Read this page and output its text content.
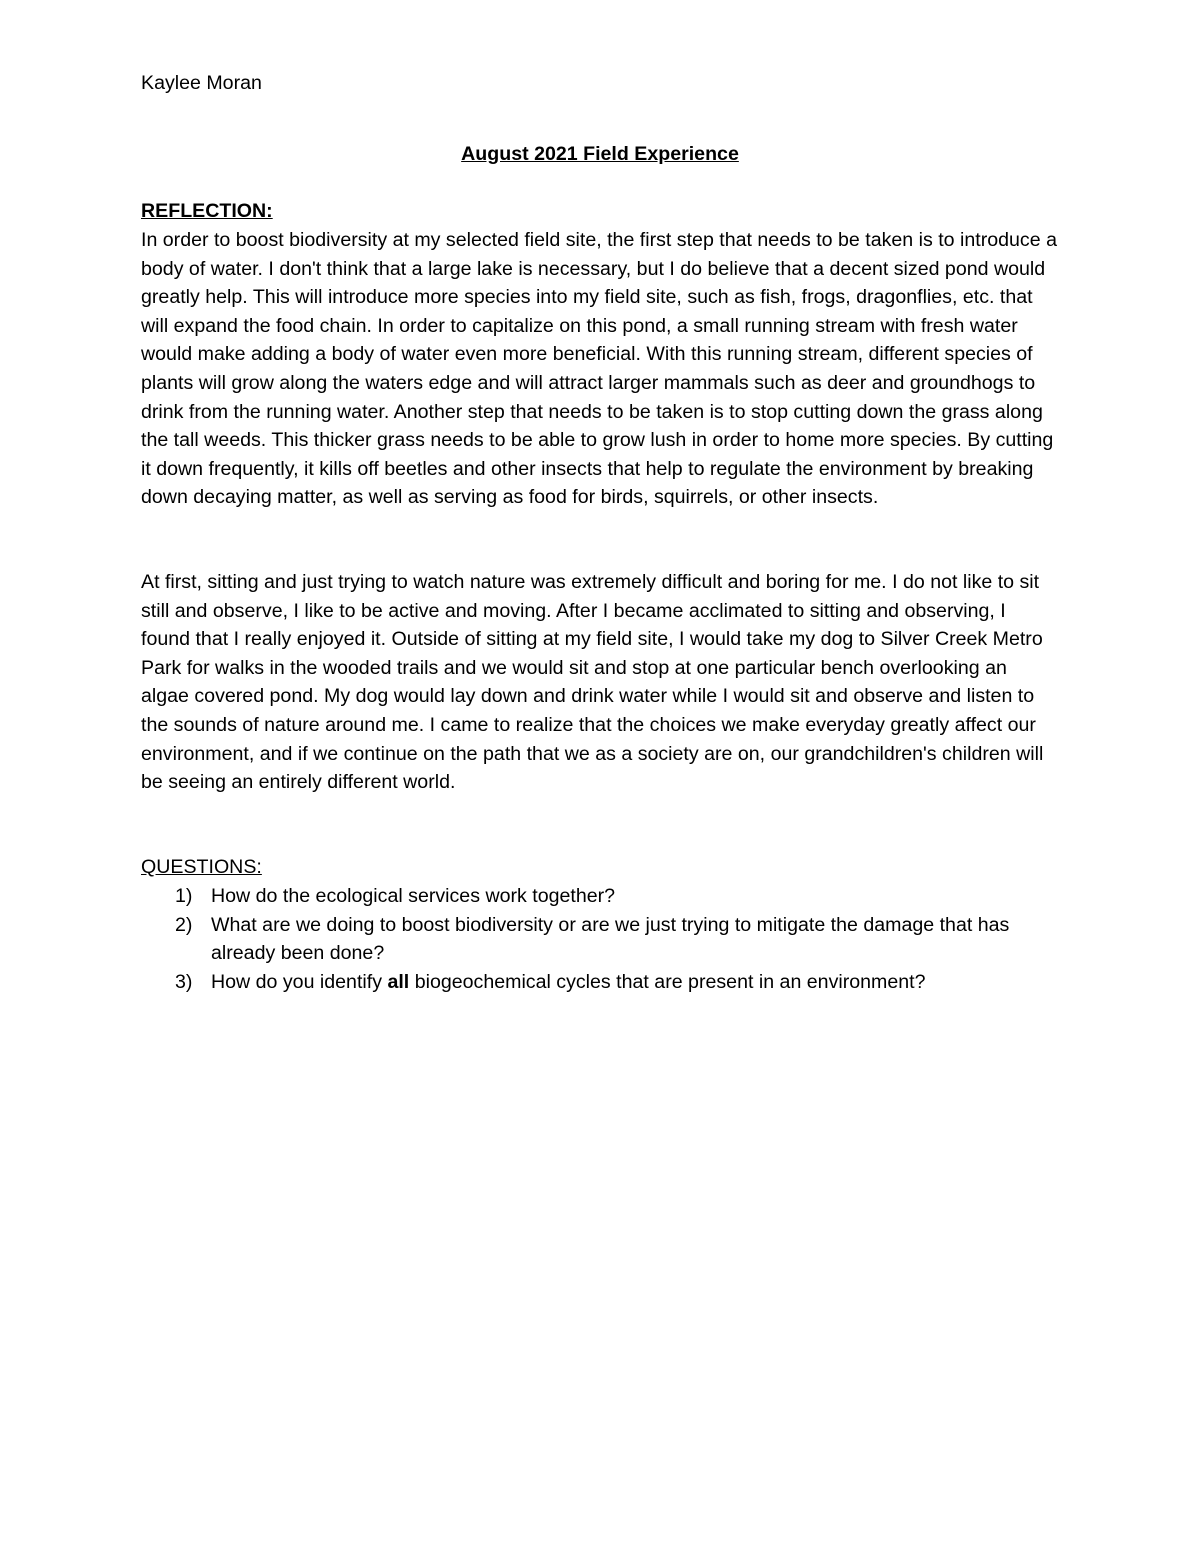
Kaylee Moran
August 2021 Field Experience
REFLECTION:

In order to boost biodiversity at my selected field site, the first step that needs to be taken is to introduce a body of water. I don't think that a large lake is necessary, but I do believe that a decent sized pond would greatly help. This will introduce more species into my field site, such as fish, frogs, dragonflies, etc. that will expand the food chain. In order to capitalize on this pond, a small running stream with fresh water would make adding a body of water even more beneficial. With this running stream, different species of plants will grow along the waters edge and will attract larger mammals such as deer and groundhogs to drink from the running water. Another step that needs to be taken is to stop cutting down the grass along the tall weeds. This thicker grass needs to be able to grow lush in order to home more species. By cutting it down frequently, it kills off beetles and other insects that help to regulate the environment by breaking down decaying matter, as well as serving as food for birds, squirrels, or other insects.

At first, sitting and just trying to watch nature was extremely difficult and boring for me. I do not like to sit still and observe, I like to be active and moving. After I became acclimated to sitting and observing, I found that I really enjoyed it. Outside of sitting at my field site, I would take my dog to Silver Creek Metro Park for walks in the wooded trails and we would sit and stop at one particular bench overlooking an algae covered pond. My dog would lay down and drink water while I would sit and observe and listen to the sounds of nature around me. I came to realize that the choices we make everyday greatly affect our environment, and if we continue on the path that we as a society are on, our grandchildren's children will be seeing an entirely different world.

QUESTIONS:
1) How do the ecological services work together?
2) What are we doing to boost biodiversity or are we just trying to mitigate the damage that has already been done?
3) How do you identify all biogeochemical cycles that are present in an environment?
